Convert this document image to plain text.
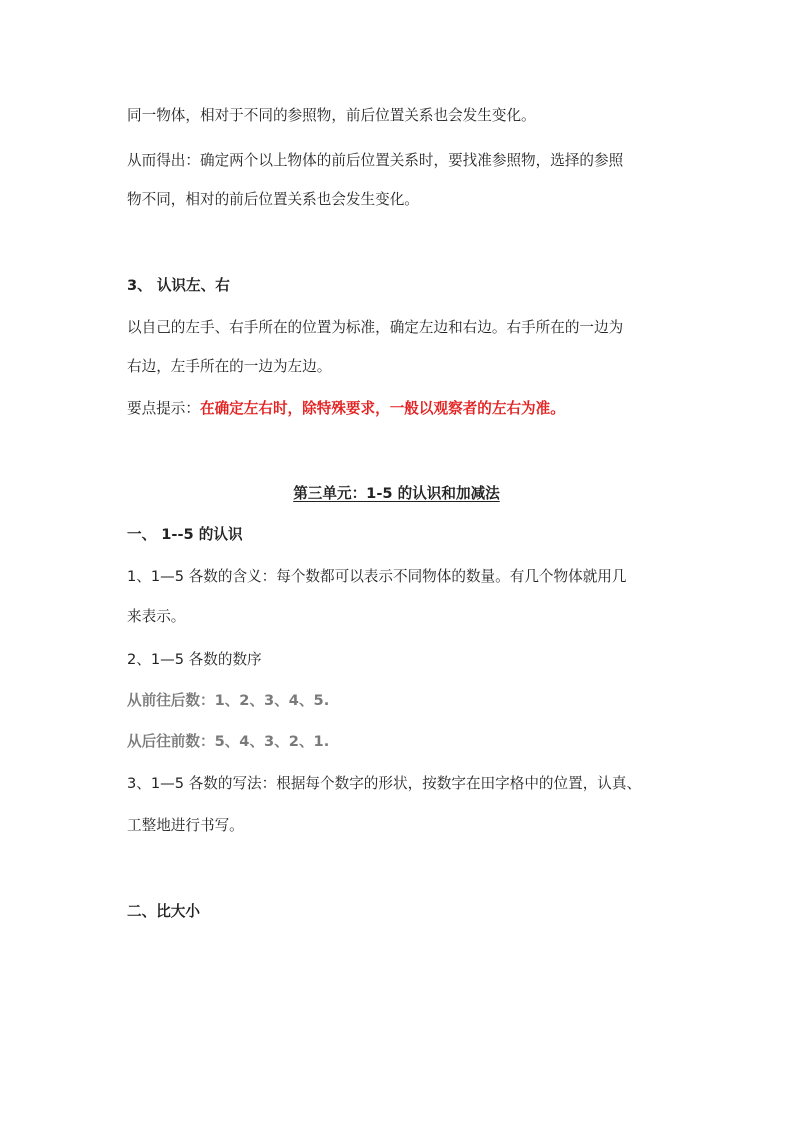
同一物体，相对于不同的参照物，前后位置关系也会发生变化。
从而得出：确定两个以上物体的前后位置关系时，要找准参照物，选择的参照
物不同，相对的前后位置关系也会发生变化。
3、 认识左、右
以自己的左手、右手所在的位置为标准，确定左边和右边。右手所在的一边为
右边，左手所在的一边为左边。
要点提示：在确定左右时，除特殊要求，一般以观察者的左右为准。
第三单元：1-5 的认识和加减法
一、 1--5 的认识
1、1—5 各数的含义：每个数都可以表示不同物体的数量。有几个物体就用几
来表示。
2、1—5 各数的数序
从前往后数：1、2、3、4、5.
从后往前数：5、4、3、2、1.
3、1—5 各数的写法：根据每个数字的形状，按数字在田字格中的位置，认真、
工整地进行书写。
二、比大小
